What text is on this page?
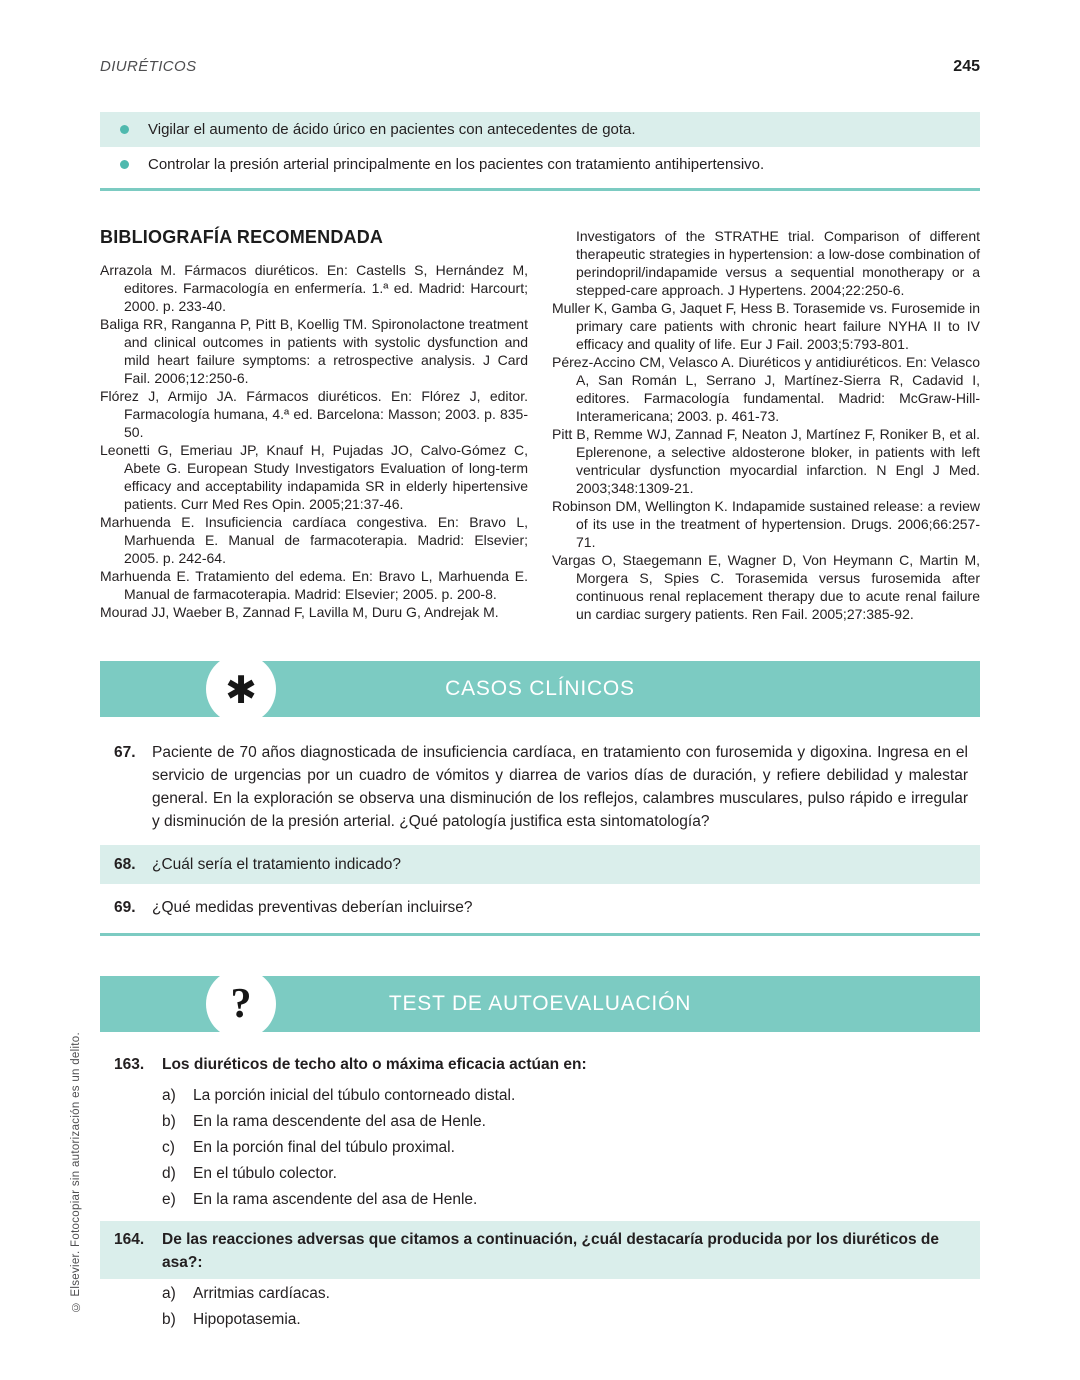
DIURÉTICOS	245
Vigilar el aumento de ácido úrico en pacientes con antecedentes de gota.
Controlar la presión arterial principalmente en los pacientes con tratamiento antihipertensivo.
BIBLIOGRAFÍA RECOMENDADA

Arrazola M. Fármacos diuréticos. En: Castells S, Hernández M, editores. Farmacología en enfermería. 1.ª ed. Madrid: Harcourt; 2000. p. 233-40.

Baliga RR, Ranganna P, Pitt B, Koellig TM. Spironolactone treatment and clinical outcomes in patients with systolic dysfunction and mild heart failure symptoms: a retrospective analysis. J Card Fail. 2006;12:250-6.

Flórez J, Armijo JA. Fármacos diuréticos. En: Flórez J, editor. Farmacología humana, 4.ª ed. Barcelona: Masson; 2003. p. 835-50.

Leonetti G, Emeriau JP, Knauf H, Pujadas JO, Calvo-Gómez C, Abete G. European Study Investigators Evaluation of long-term efficacy and acceptability indapamida SR in elderly hipertensive patients. Curr Med Res Opin. 2005;21:37-46.

Marhuenda E. Insuficiencia cardíaca congestiva. En: Bravo L, Marhuenda E. Manual de farmacoterapia. Madrid: Elsevier; 2005. p. 242-64.

Marhuenda E. Tratamiento del edema. En: Bravo L, Marhuenda E. Manual de farmacoterapia. Madrid: Elsevier; 2005. p. 200-8.

Mourad JJ, Waeber B, Zannad F, Lavilla M, Duru G, Andrejak M.

Investigators of the STRATHE trial. Comparison of different therapeutic strategies in hypertension: a low-dose combination of perindopril/indapamide versus a sequential monotherapy or a stepped-care approach. J Hypertens. 2004;22:250-6.

Muller K, Gamba G, Jaquet F, Hess B. Torasemide vs. Furosemide in primary care patients with chronic heart failure NYHA II to IV efficacy and quality of life. Eur J Fail. 2003;5:793-801.

Pérez-Accino CM, Velasco A. Diuréticos y antidiuréticos. En: Velasco A, San Román L, Serrano J, Martínez-Sierra R, Cadavid I, editores. Farmacología fundamental. Madrid: McGraw-Hill-Interamericana; 2003. p. 461-73.

Pitt B, Remme WJ, Zannad F, Neaton J, Martínez F, Roniker B, et al. Eplerenone, a selective aldosterone bloker, in patients with left ventricular dysfunction myocardial infarction. N Engl J Med. 2003;348:1309-21.

Robinson DM, Wellington K. Indapamide sustained release: a review of its use in the treatment of hypertension. Drugs. 2006;66:257-71.

Vargas O, Staegemann E, Wagner D, Von Heymann C, Martin M, Morgera S, Spies C. Torasemida versus furosemida after continuous renal replacement therapy due to acute renal failure un cardiac surgery patients. Ren Fail. 2005;27:385-92.

✱	CASOS CLÍNICOS
67.	Paciente de 70 años diagnosticada de insuficiencia cardíaca, en tratamiento con furosemida y digoxina. Ingresa en el servicio de urgencias por un cuadro de vómitos y diarrea de varios días de duración, y refiere debilidad y malestar general. En la exploración se observa una disminución de los reflejos, calambres musculares, pulso rápido e irregular y disminución de la presión arterial. ¿Qué patología justifica esta sintomatología?
68.	¿Cuál sería el tratamiento indicado?
69.	¿Qué medidas preventivas deberían incluirse?
?	TEST DE AUTOEVALUACIÓN
163.	Los diuréticos de techo alto o máxima eficacia actúan en:
a)	La porción inicial del túbulo contorneado distal.
b)	En la rama descendente del asa de Henle.
c)	En la porción final del túbulo proximal.
d)	En el túbulo colector.
e)	En la rama ascendente del asa de Henle.
164.	De las reacciones adversas que citamos a continuación, ¿cuál destacaría producida por los diuréticos de asa?:
a)	Arritmias cardíacas.
b)	Hipopotasemia.
© Elsevier. Fotocopiar sin autorización es un delito.
